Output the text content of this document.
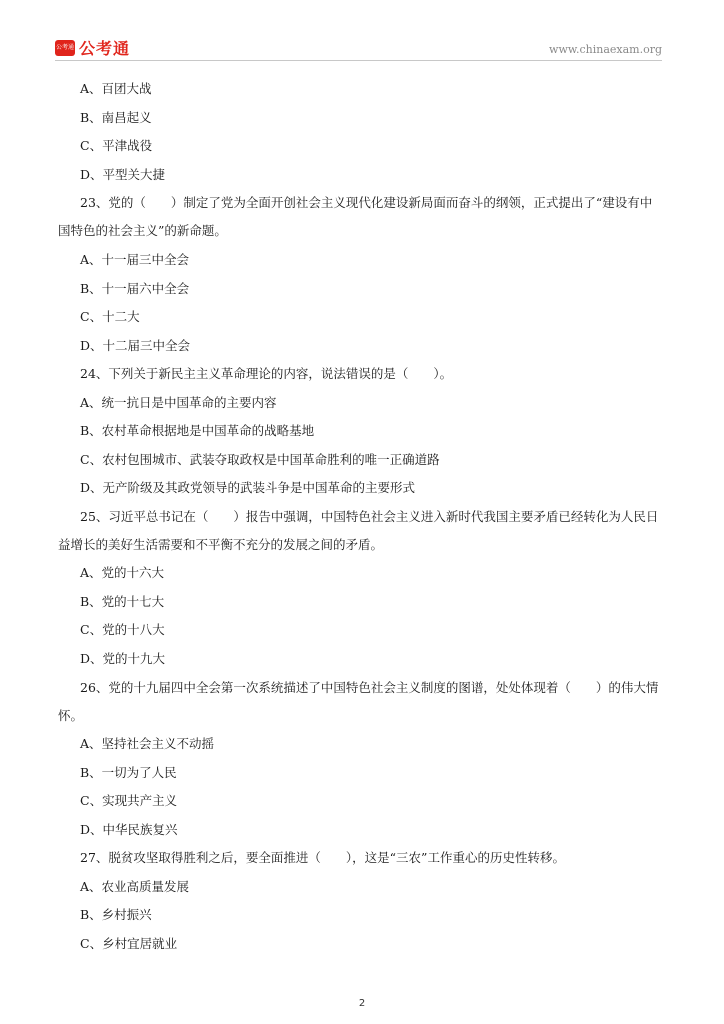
公考通 公考通	www.chinaexam.org
A、百团大战
B、南昌起义
C、平津战役
D、平型关大捷
23、党的（　　）制定了党为全面开创社会主义现代化建设新局面而奋斗的纲领，正式提出了“建设有中
国特色的社会主义”的新命题。
A、十一届三中全会
B、十一届六中全会
C、十二大
D、十二届三中全会
24、下列关于新民主主义革命理论的内容，说法错误的是（　　）。
A、统一抗日是中国革命的主要内容
B、农村革命根据地是中国革命的战略基地
C、农村包围城市、武装夺取政权是中国革命胜利的唯一正确道路
D、无产阶级及其政党领导的武装斗争是中国革命的主要形式
25、习近平总书记在（　　）报告中强调，中国特色社会主义进入新时代我国主要矛盾已经转化为人民日
益增长的美好生活需要和不平衡不充分的发展之间的矛盾。
A、党的十六大
B、党的十七大
C、党的十八大
D、党的十九大
26、党的十九届四中全会第一次系统描述了中国特色社会主义制度的图谱，处处体现着（　　）的伟大情
怀。
A、坚持社会主义不动摇
B、一切为了人民
C、实现共产主义
D、中华民族复兴
27、脱贫攻坚取得胜利之后，要全面推进（　　），这是“三农”工作重心的历史性转移。
A、农业高质量发展
B、乡村振兴
C、乡村宜居就业
2
